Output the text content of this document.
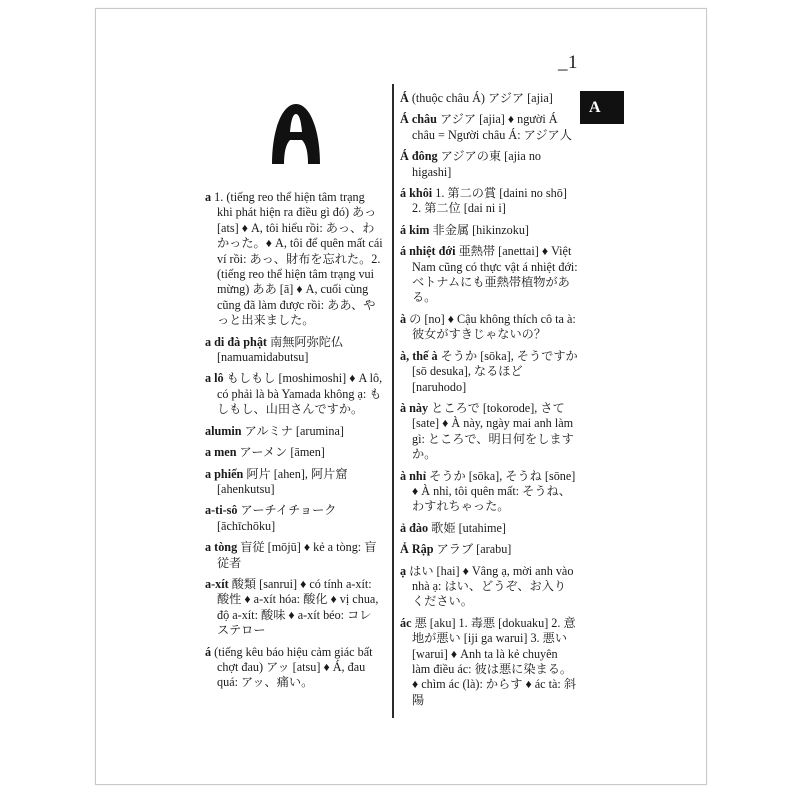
_1
A
a 1. (tiếng reo thể hiện tâm trạng khi phát hiện ra điều gì đó) あっ [ats] ♦ A, tôi hiểu rồi: あっ、わかった。♦ A, tôi để quên mất cái ví rồi: あっ、財布を忘れた。2. (tiếng reo thể hiện tâm trạng vui mừng) ああ [ā] ♦ A, cuối cùng cũng đã làm được rồi: ああ、やっと出来ました。
a di đà phật 南無阿弥陀仏 [namuamidabutsu]
a lô もしもし [moshimoshi] ♦ A lô, có phải là bà Yamada không ạ: もしもし、山田さんですか。
alumin アルミナ [arumina]
a men アーメン [āmen]
a phiến 阿片 [ahen], 阿片窟 [ahenkutsu]
a-ti-sô アーチイチョーク [āchīchōku]
a tòng 盲従 [mōjū] ♦ kẻ a tòng: 盲従者
a-xít 酸類 [sanrui] ♦ có tính a-xít: 酸性 ♦ a-xít hóa: 酸化 ♦ vị chua, độ a-xít: 酸味 ♦ a-xít béo: コレステロー
á (tiếng kêu báo hiệu cảm giác bất chợt đau) アッ [atsu] ♦ Á, đau quá: アッ、痛い。
Á (thuộc châu Á) アジア [ajia]
Á châu アジア [ajia] ♦ người Á châu = Người châu Á: アジア人
Á đông アジアの東 [ajia no higashi]
á khôi 1. 第二の賞 [daini no shō] 2. 第二位 [dai ni i]
á kim 非金属 [hikinzoku]
á nhiệt đới 亜熱帯 [anettai] ♦ Việt Nam cũng có thực vật á nhiệt đới: ベトナムにも亜熱帯植物がある。
à の [no] ♦ Cậu không thích cô ta à: 彼女がすきじゃないの？
à, thế à そうか [sōka], そうですか [sō desuka], なるほど [naruhodo]
à này ところで [tokorode], さて [sate] ♦ À này, ngày mai anh làm gì: ところで、明日何をしますか。
à nhỉ そうか [sōka], そうね [sōne] ♦ À nhỉ, tôi quên mất: そうね、わすれちゃった。
ả đào 歌姫 [utahime]
Ả Rập アラブ [arabu]
ạ はい [hai] ♦ Vâng ạ, mời anh vào nhà ạ: はい、どうぞ、お入りください。
ác 悪 [aku] 1. 毒悪 [dokuaku] 2. 意地が悪い [iji ga warui] 3. 悪い [warui] ♦ Anh ta là kẻ chuyên làm điều ác: 彼は悪に染まる。♦ chìm ác (là): からす ♦ ác tà: 斜陽
